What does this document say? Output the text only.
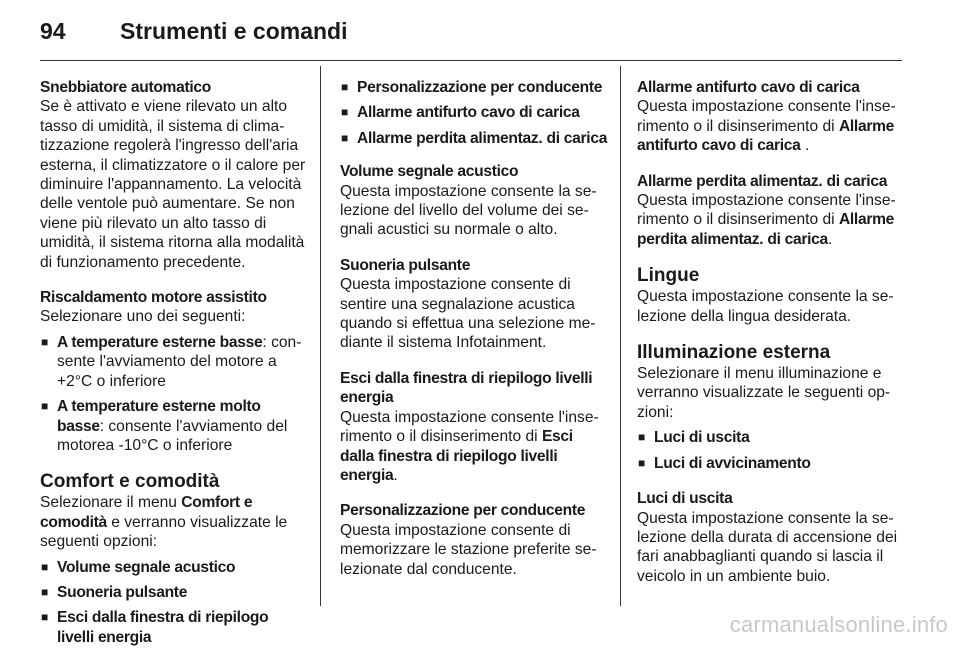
94 Strumenti e comandi
Snebbiatore automatico
Se è attivato e viene rilevato un alto tasso di umidità, il sistema di climatizzazione regolerà l'ingresso dell'aria esterna, il climatizzatore o il calore per diminuire l'appannamento. La velocità delle ventole può aumentare. Se non viene più rilevato un alto tasso di umidità, il sistema ritorna alla modalità di funzionamento precedente.
Riscaldamento motore assistito
Selezionare uno dei seguenti:
■ A temperature esterne basse: consente l'avviamento del motore a +2°C o inferiore
■ A temperature esterne molto basse: consente l'avviamento del motorea -10°C o inferiore
Comfort e comodità
Selezionare il menu Comfort e comodità e verranno visualizzate le seguenti opzioni:
■ Volume segnale acustico
■ Suoneria pulsante
■ Esci dalla finestra di riepilogo livelli energia
■ Personalizzazione per conducente
■ Allarme antifurto cavo di carica
■ Allarme perdita alimentaz. di carica
Volume segnale acustico
Questa impostazione consente la selezione del livello del volume dei segnali acustici su normale o alto.
Suoneria pulsante
Questa impostazione consente di sentire una segnalazione acustica quando si effettua una selezione mediante il sistema Infotainment.
Esci dalla finestra di riepilogo livelli energia
Questa impostazione consente l'inserimento o il disinserimento di Esci dalla finestra di riepilogo livelli energia.
Personalizzazione per conducente
Questa impostazione consente di memorizzare le stazione preferite selezionate dal conducente.
Allarme antifurto cavo di carica
Questa impostazione consente l'inserimento o il disinserimento di Allarme antifurto cavo di carica .
Allarme perdita alimentaz. di carica
Questa impostazione consente l'inserimento o il disinserimento di Allarme perdita alimentaz. di carica.
Lingue
Questa impostazione consente la selezione della lingua desiderata.
Illuminazione esterna
Selezionare il menu illuminazione e verranno visualizzate le seguenti opzioni:
■ Luci di uscita
■ Luci di avvicinamento
Luci di uscita
Questa impostazione consente la selezione della durata di accensione dei fari anabbaglianti quando si lascia il veicolo in un ambiente buio.
carmanualsonline.info
